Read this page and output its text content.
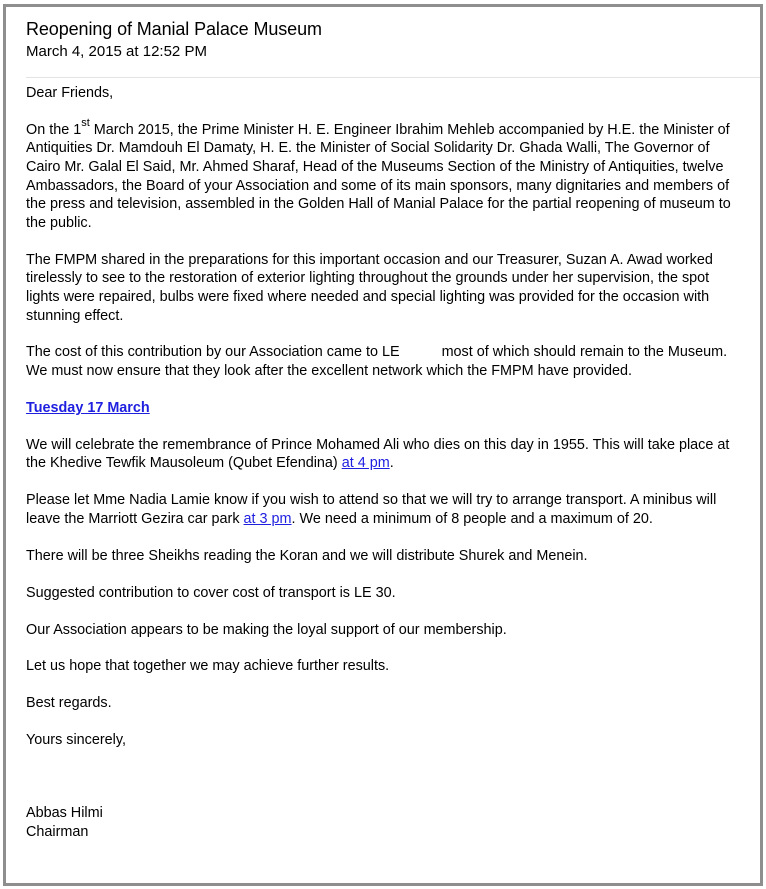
Reopening of Manial Palace Museum
March 4, 2015 at 12:52 PM

Dear Friends,

On the 1st March 2015, the Prime Minister H. E. Engineer Ibrahim Mehleb accompanied by H.E. the Minister of Antiquities Dr. Mamdouh El Damaty, H. E. the Minister of Social Solidarity Dr. Ghada Walli, The Governor of Cairo Mr. Galal El Said, Mr. Ahmed Sharaf, Head of the Museums Section of the Ministry of Antiquities, twelve Ambassadors, the Board of your Association and some of its main sponsors, many dignitaries and members of the press and television, assembled in the Golden Hall of Manial Palace for the partial reopening of museum to the public.

The FMPM shared in the preparations for this important occasion and our Treasurer, Suzan A. Awad worked tirelessly to see to the restoration of exterior lighting throughout the grounds under her supervision, the spot lights were repaired, bulbs were fixed where needed and special lighting was provided for the occasion with stunning effect.

The cost of this contribution by our Association came to LE	most of which should remain to the Museum. We must now ensure that they look after the excellent network which the FMPM have provided.

Tuesday 17 March

We will celebrate the remembrance of Prince Mohamed Ali who dies on this day in 1955. This will take place at the Khedive Tewfik Mausoleum (Qubet Efendina) at 4 pm.

Please let Mme Nadia Lamie know if you wish to attend so that we will try to arrange transport. A minibus will leave the Marriott Gezira car park at 3 pm. We need a minimum of 8 people and a maximum of 20.

There will be three Sheikhs reading the Koran and we will distribute Shurek and Menein.

Suggested contribution to cover cost of transport is LE 30.

Our Association appears to be making the loyal support of our membership.

Let us hope that together we may achieve further results.

Best regards.

Yours sincerely,

Abbas Hilmi

Chairman
